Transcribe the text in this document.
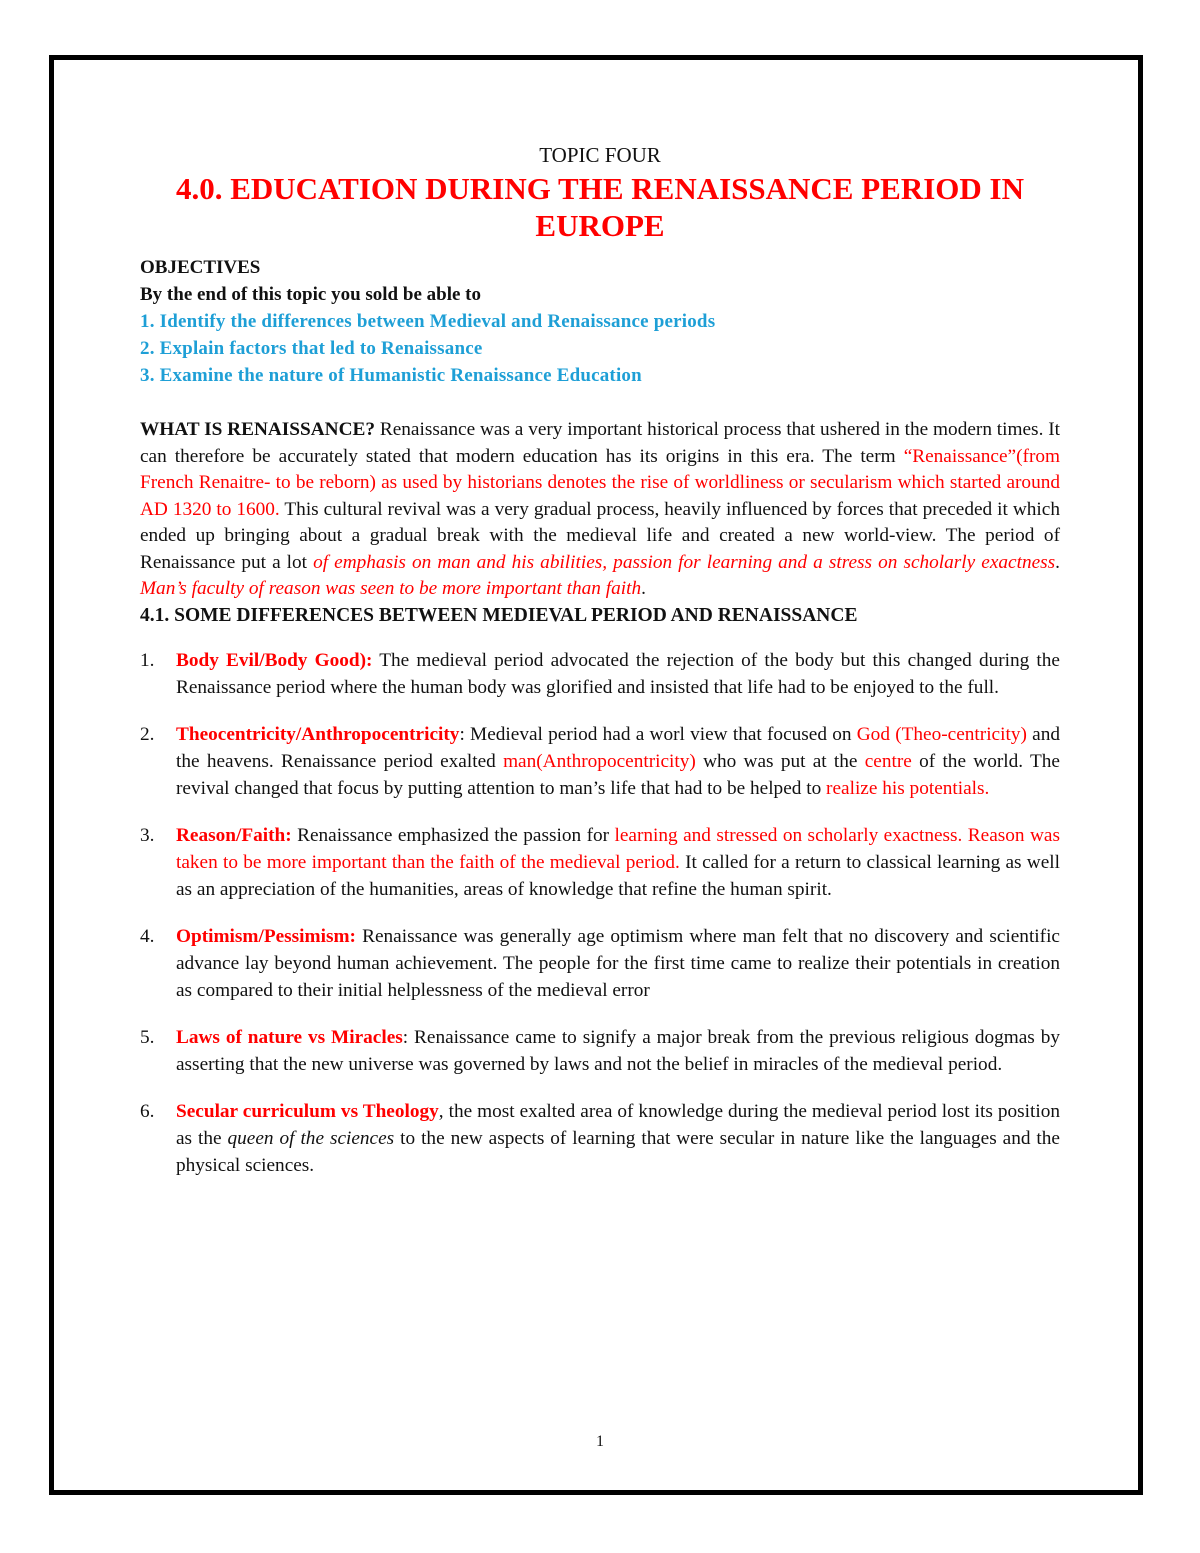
TOPIC FOUR

4.0. EDUCATION DURING THE RENAISSANCE PERIOD IN EUROPE

OBJECTIVES

By the end of this topic you sold be able to

1. Identify the differences between Medieval and Renaissance periods
2. Explain factors that led to Renaissance
3. Examine the nature of Humanistic Renaissance Education

WHAT IS RENAISSANCE? Renaissance was a very important historical process that ushered in the modern times. It can therefore be accurately stated that modern education has its origins in this era. The term “Renaissance”(from French Renaitre- to be reborn) as used by historians denotes the rise of worldliness or secularism which started around AD 1320 to 1600. This cultural revival was a very gradual process, heavily influenced by forces that preceded it which ended up bringing about a gradual break with the medieval life and created a new world-view. The period of Renaissance put a lot of emphasis on man and his abilities, passion for learning and a stress on scholarly exactness. Man’s faculty of reason was seen to be more important than faith.

4.1. SOME DIFFERENCES BETWEEN MEDIEVAL PERIOD AND RENAISSANCE

1. Body Evil/Body Good): The medieval period advocated the rejection of the body but this changed during the Renaissance period where the human body was glorified and insisted that life had to be enjoyed to the full.
2. Theocentricity/Anthropocentricity: Medieval period had a worl view that focused on God (Theo-centricity) and the heavens. Renaissance period exalted man(Anthropocentricity) who was put at the centre of the world. The revival changed that focus by putting attention to man’s life that had to be helped to realize his potentials.
3. Reason/Faith: Renaissance emphasized the passion for learning and stressed on scholarly exactness. Reason was taken to be more important than the faith of the medieval period. It called for a return to classical learning as well as an appreciation of the humanities, areas of knowledge that refine the human spirit.
4. Optimism/Pessimism: Renaissance was generally age optimism where man felt that no discovery and scientific advance lay beyond human achievement. The people for the first time came to realize their potentials in creation as compared to their initial helplessness of the medieval error
5. Laws of nature vs Miracles: Renaissance came to signify a major break from the previous religious dogmas by asserting that the new universe was governed by laws and not the belief in miracles of the medieval period.
6. Secular curriculum vs Theology, the most exalted area of knowledge during the medieval period lost its position as the queen of the sciences to the new aspects of learning that were secular in nature like the languages and the physical sciences.
1
